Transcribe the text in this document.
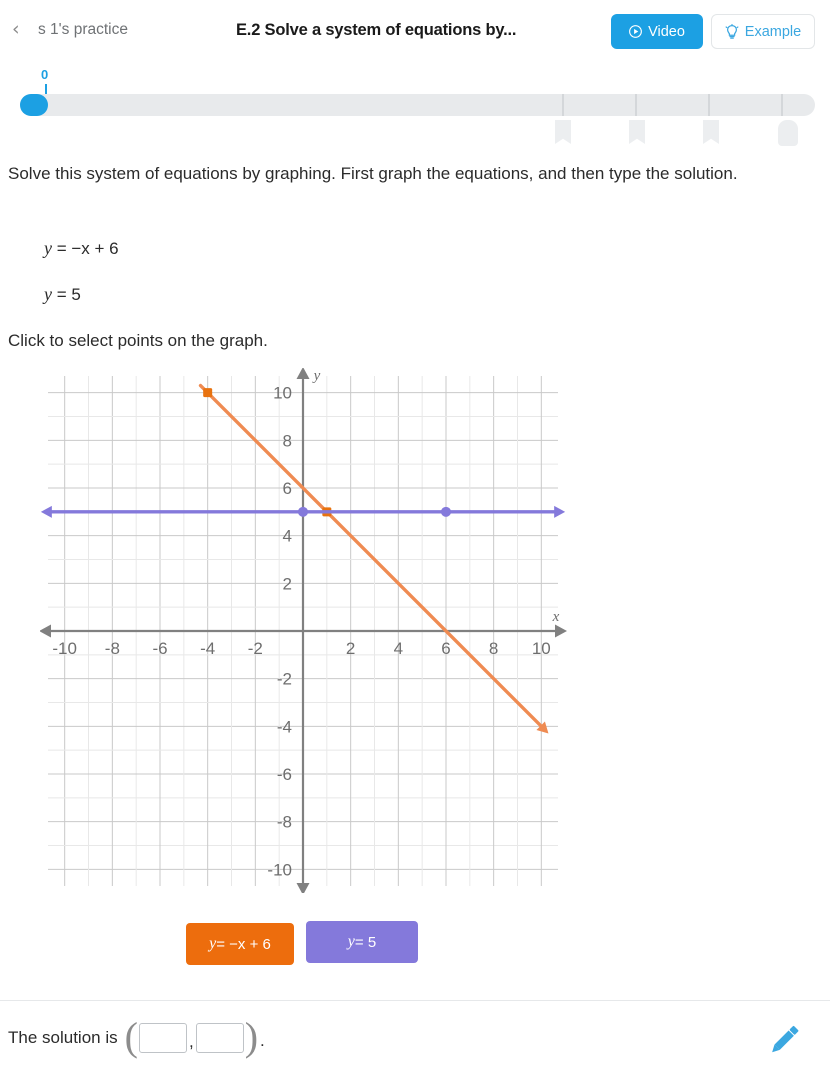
‹ s 1's practice	E.2 Solve a system of equations by...	Video	Example
0
Solve this system of equations by graphing. First graph the equations, and then type the solution.
y = −x + 6
y = 5
Click to select points on the graph.
x
y
‐10 ‐8 ‐6 ‐4 ‐2	2 4 6 8 10
10
8
6
4
2
‐2
‐4
‐6
‐8
‐10
y = −x + 6	y = 5
The solution is (	, ) .
